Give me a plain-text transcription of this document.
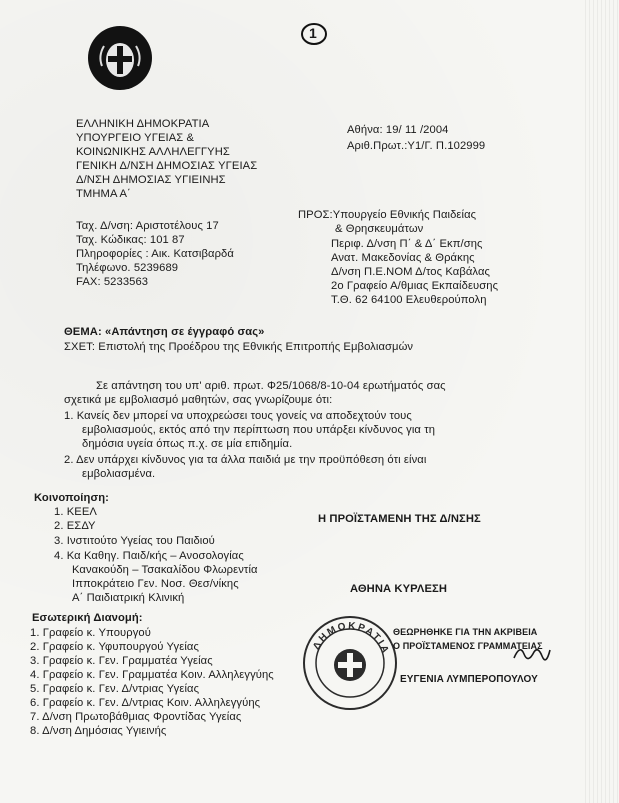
1
ΕΛΛΗΝΙΚΗ ΔΗΜΟΚΡΑΤΙΑ
ΥΠΟΥΡΓΕΙΟ ΥΓΕΙΑΣ &
ΚΟΙΝΩΝΙΚΗΣ ΑΛΛΗΛΕΓΓΥΗΣ
ΓΕΝΙΚΗ Δ/ΝΣΗ ΔΗΜΟΣΙΑΣ ΥΓΕΙΑΣ
Δ/ΝΣΗ ΔΗΜΟΣΙΑΣ ΥΓΙΕΙΝΗΣ
ΤΜΗΜΑ Α΄
Αθήνα: 19/ 11 /2004
Αριθ.Πρωτ.:Υ1/Γ. Π.102999
Ταχ. Δ/νση: Αριστοτέλους 17
Ταχ. Κώδικας: 101 87
Πληροφορίες : Αικ. Κατσιβαρδά
Τηλέφωνο. 5239689
FAX: 5233563
ΠΡΟΣ:Υπουργείο Εθνικής Παιδείας
& Θρησκευμάτων
Περιφ. Δ/νση Π΄ & Δ΄ Εκπ/σης
Ανατ. Μακεδονίας & Θράκης
Δ/νση Π.Ε.ΝΟΜ Δ/τος Καβάλας
2ο Γραφείο Α/θμιας Εκπαίδευσης
Τ.Θ. 62 64100 Ελευθερούπολη
ΘΕΜΑ: «Απάντηση σε έγγραφό σας»
ΣΧΕΤ: Επιστολή της Προέδρου της Εθνικής Επιτροπής Εμβολιασμών
Σε απάντηση του υπ' αριθ. πρωτ. Φ25/1068/8-10-04 ερωτήματός σας
σχετικά με εμβολιασμό μαθητών, σας γνωρίζουμε ότι:
1. Κανείς δεν μπορεί να υποχρεώσει τους γονείς να αποδεχτούν τους
εμβολιασμούς, εκτός από την περίπτωση που υπάρξει κίνδυνος για τη
δημόσια υγεία όπως π.χ. σε μία επιδημία.
2. Δεν υπάρχει κίνδυνος για τα άλλα παιδιά με την προϋπόθεση ότι είναι
εμβολιασμένα.
Κοινοποίηση:
1. ΚΕΕΛ
2. ΕΣΔΥ
3. Ινστιτούτο Υγείας του Παιδιού
4. Κα Καθηγ. Παιδ/κής – Ανοσολογίας
Κανακούδη – Τσακαλίδου Φλωρεντία
Ιπποκράτειο Γεν. Νοσ. Θεσ/νίκης
Α΄ Παιδιατρική Κλινική
Η ΠΡΟΪΣΤΑΜΕΝΗ ΤΗΣ Δ/ΝΣΗΣ
ΑΘΗΝΑ ΚΥΡΛΕΣΗ
Εσωτερική Διανομή:
1. Γραφείο κ. Υπουργού
2. Γραφείο κ. Υφυπουργού Υγείας
3. Γραφείο κ. Γεν. Γραμματέα Υγείας
4. Γραφείο κ. Γεν. Γραμματέα Κοιν. Αλληλεγγύης
5. Γραφείο κ. Γεν. Δ/ντριας Υγείας
6. Γραφείο κ. Γεν. Δ/ντριας Κοιν. Αλληλεγγύης
7. Δ/νση Πρωτοβάθμιας Φροντίδας Υγείας
8. Δ/νση Δημόσιας Υγιεινής
ΔΗΜΟΚΡΑΤΙΑ
ΘΕΩΡΗΘΗΚΕ ΓΙΑ ΤΗΝ ΑΚΡΙΒΕΙΑ
Ο ΠΡΟΪΣΤΑΜΕΝΟΣ ΓΡΑΜΜΑΤΕΙΑΣ
ΕΥΓΕΝΙΑ ΛΥΜΠΕΡΟΠΟΥΛΟΥ
